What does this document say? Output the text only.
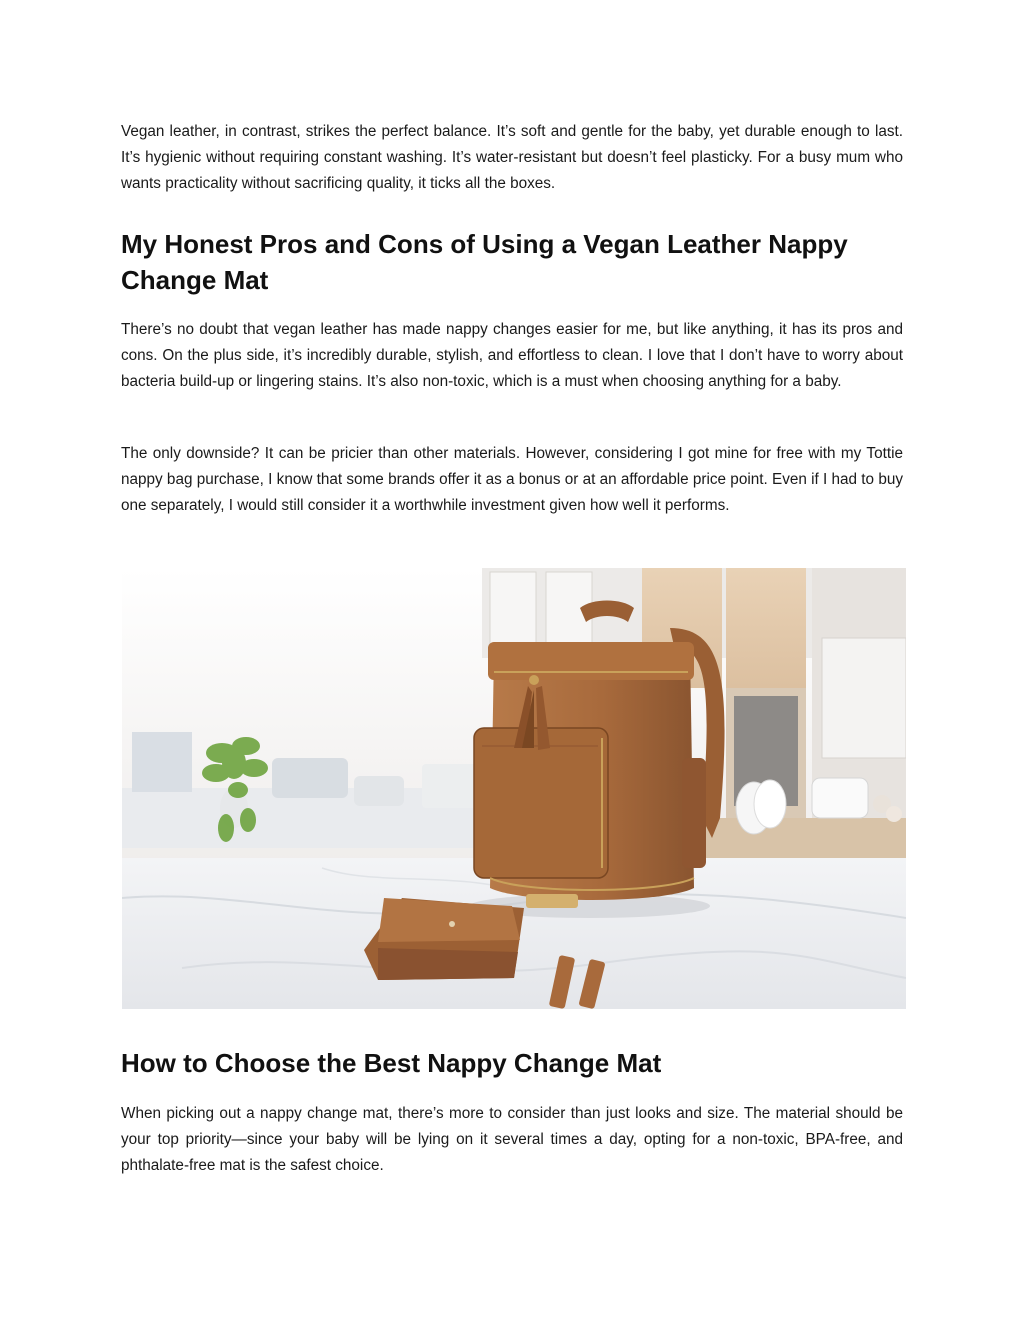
Vegan leather, in contrast, strikes the perfect balance. It’s soft and gentle for the baby, yet durable enough to last. It’s hygienic without requiring constant washing. It’s water-resistant but doesn’t feel plasticky. For a busy mum who wants practicality without sacrificing quality, it ticks all the boxes.

My Honest Pros and Cons of Using a Vegan Leather Nappy Change Mat

There’s no doubt that vegan leather has made nappy changes easier for me, but like anything, it has its pros and cons. On the plus side, it’s incredibly durable, stylish, and effortless to clean. I love that I don’t have to worry about bacteria build-up or lingering stains. It’s also non-toxic, which is a must when choosing anything for a baby.

The only downside? It can be pricier than other materials. However, considering I got mine for free with my Tottie nappy bag purchase, I know that some brands offer it as a bonus or at an affordable price point. Even if I had to buy one separately, I would still consider it a worthwhile investment given how well it performs.

How to Choose the Best Nappy Change Mat

When picking out a nappy change mat, there’s more to consider than just looks and size. The material should be your top priority—since your baby will be lying on it several times a day, opting for a non-toxic, BPA-free, and phthalate-free mat is the safest choice.
